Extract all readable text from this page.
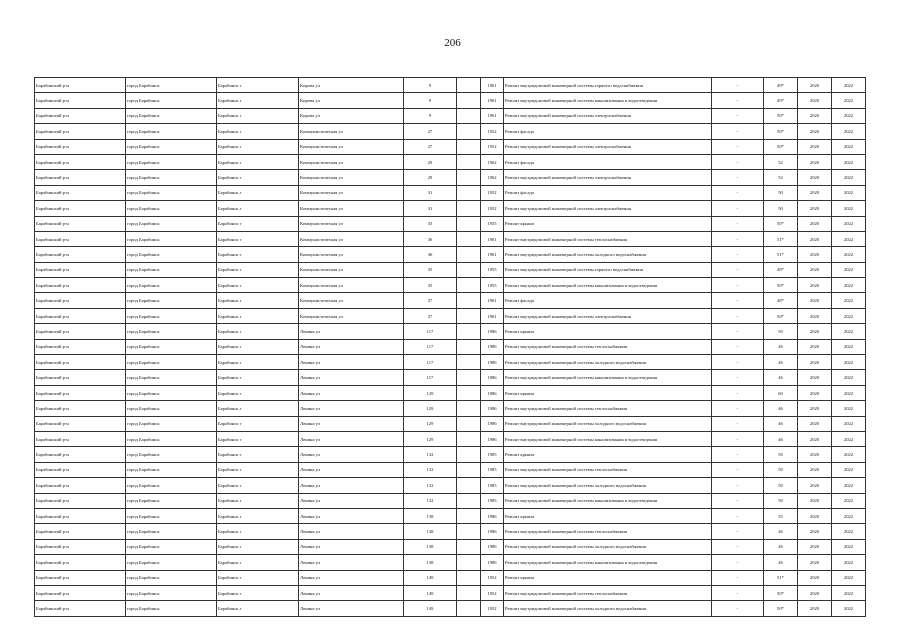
206
Барабинский р-н	город Барабинск	Барабинск г	Кирова ул	9		1961	Ремонт внутридомовой инженерной системы горячего водоснабжения	-	49*	2020	2022
Барабинский р-н	город Барабинск	Барабинск г	Кирова ул	9		1961	Ремонт внутридомовой инженерной системы канализования и водоотведения	-	49*	2020	2022
Барабинский р-н	город Барабинск	Барабинск г	Кирова ул	9		1961	Ремонт внутридомовой инженерной системы электроснабжения	-	50*	2020	2022
Барабинский р-н	город Барабинск	Барабинск г	Коммунистическая ул	27		1952	Ремонт фасада	-	50*	2020	2022
Барабинский р-н	город Барабинск	Барабинск г	Коммунистическая ул	27		1952	Ремонт внутридомовой инженерной системы электроснабжения	-	50*	2020	2022
Барабинский р-н	город Барабинск	Барабинск г	Коммунистическая ул	29		1962	Ремонт фасада	-	52	2020	2022
Барабинский р-н	город Барабинск	Барабинск г	Коммунистическая ул	29		1962	Ремонт внутридомовой инженерной системы электроснабжения	-	52	2020	2022
Барабинский р-н	город Барабинск	Барабинск г	Коммунистическая ул	31		1952	Ремонт фасада	-	50	2020	2022
Барабинский р-н	город Барабинск	Барабинск г	Коммунистическая ул	31		1952	Ремонт внутридомовой инженерной системы электроснабжения	-	50	2020	2022
Барабинский р-н	город Барабинск	Барабинск г	Коммунистическая ул	33		1955	Ремонт крыши	-	50*	2020	2022
Барабинский р-н	город Барабинск	Барабинск г	Коммунистическая ул	36		1961	Ремонт внутридомовой инженерной системы теплоснабжения	-	51*	2020	2022
Барабинский р-н	город Барабинск	Барабинск г	Коммунистическая ул	36		1961	Ремонт внутридомовой инженерной системы холодного водоснабжения	-	51*	2020	2022
Барабинский р-н	город Барабинск	Барабинск г	Коммунистическая ул	35		1955	Ремонт внутридомовой инженерной системы горячего водоснабжения	-	48*	2020	2022
Барабинский р-н	город Барабинск	Барабинск г	Коммунистическая ул	35		1955	Ремонт внутридомовой инженерной системы канализования и водоотведения	-	50*	2020	2022
Барабинский р-н	город Барабинск	Барабинск г	Коммунистическая ул	37		1961	Ремонт фасада	-	48*	2020	2022
Барабинский р-н	город Барабинск	Барабинск г	Коммунистическая ул	37		1961	Ремонт внутридомовой инженерной системы электроснабжения	-	50*	2020	2022
Барабинский р-н	город Барабинск	Барабинск г	Ленина ул	117		1986	Ремонт крыши	-	50	2020	2022
Барабинский р-н	город Барабинск	Барабинск г	Ленина ул	117		1986	Ремонт внутридомовой инженерной системы теплоснабжения	-	46	2020	2022
Барабинский р-н	город Барабинск	Барабинск г	Ленина ул	117		1986	Ремонт внутридомовой инженерной системы холодного водоснабжения	-	46	2020	2022
Барабинский р-н	город Барабинск	Барабинск г	Ленина ул	117		1986	Ремонт внутридомовой инженерной системы канализования и водоотведения	-	46	2020	2022
Барабинский р-н	город Барабинск	Барабинск г	Ленина ул	129		1986	Ремонт крыши	-	60	2020	2022
Барабинский р-н	город Барабинск	Барабинск г	Ленина ул	129		1986	Ремонт внутридомовой инженерной системы теплоснабжения	-	46	2020	2022
Барабинский р-н	город Барабинск	Барабинск г	Ленина ул	129		1986	Ремонт внутридомовой инженерной системы холодного водоснабжения	-	46	2020	2022
Барабинский р-н	город Барабинск	Барабинск г	Ленина ул	129		1986	Ремонт внутридомовой инженерной системы канализования и водоотведения	-	46	2020	2022
Барабинский р-н	город Барабинск	Барабинск г	Ленина ул	132		1985	Ремонт крыши	-	50	2020	2022
Барабинский р-н	город Барабинск	Барабинск г	Ленина ул	132		1985	Ремонт внутридомовой инженерной системы теплоснабжения	-	50	2020	2022
Барабинский р-н	город Барабинск	Барабинск г	Ленина ул	132		1985	Ремонт внутридомовой инженерной системы холодного водоснабжения	-	50	2020	2022
Барабинский р-н	город Барабинск	Барабинск г	Ленина ул	132		1985	Ремонт внутридомовой инженерной системы канализования и водоотведения	-	50	2020	2022
Барабинский р-н	город Барабинск	Барабинск г	Ленина ул	138		1986	Ремонт крыши	-	55	2020	2022
Барабинский р-н	город Барабинск	Барабинск г	Ленина ул	138		1986	Ремонт внутридомовой инженерной системы теплоснабжения	-	46	2020	2022
Барабинский р-н	город Барабинск	Барабинск г	Ленина ул	138		1986	Ремонт внутридомовой инженерной системы холодного водоснабжения	-	46	2020	2022
Барабинский р-н	город Барабинск	Барабинск г	Ленина ул	138		1986	Ремонт внутридомовой инженерной системы канализования и водоотведения	-	46	2020	2022
Барабинский р-н	город Барабинск	Барабинск г	Ленина ул	149		1952	Ремонт крыши	-	51*	2020	2022
Барабинский р-н	город Барабинск	Барабинск г	Ленина ул	149		1952	Ремонт внутридомовой инженерной системы теплоснабжения	-	50*	2020	2022
Барабинский р-н	город Барабинск	Барабинск г	Ленина ул	149		1952	Ремонт внутридомовой инженерной системы холодного водоснабжения	-	50*	2020	2022
